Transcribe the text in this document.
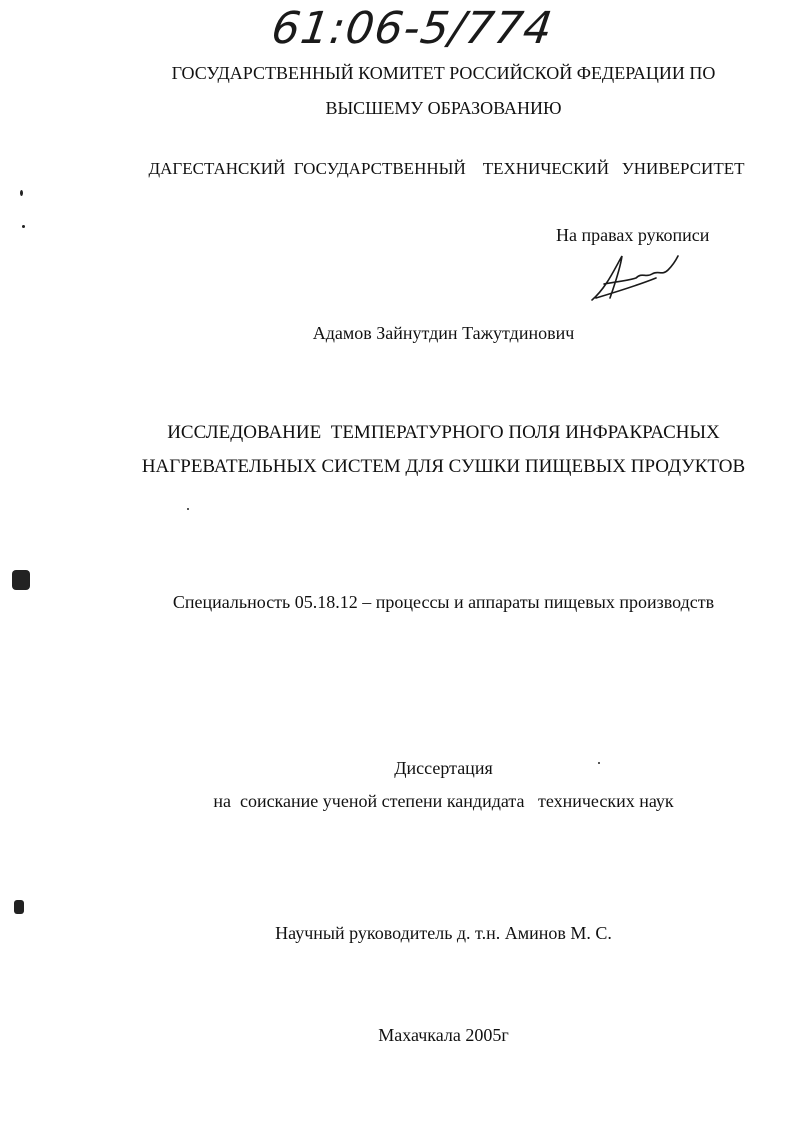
61:06-5/774
ГОСУДАРСТВЕННЫЙ КОМИТЕТ РОССИЙСКОЙ ФЕДЕРАЦИИ ПО
ВЫСШЕМУ ОБРАЗОВАНИЮ
ДАГЕСТАНСКИЙ  ГОСУДАРСТВЕННЫЙ    ТЕХНИЧЕСКИЙ   УНИВЕРСИТЕТ
На правах рукописи
Адамов Зайнутдин Тажутдинович
ИССЛЕДОВАНИЕ  ТЕМПЕРАТУРНОГО ПОЛЯ ИНФРАКРАСНЫХ
НАГРЕВАТЕЛЬНЫХ СИСТЕМ ДЛЯ СУШКИ ПИЩЕВЫХ ПРОДУКТОВ
Специальность 05.18.12 – процессы и аппараты пищевых производств
Диссертация
на  соискание ученой степени кандидата   технических наук
Научный руководитель д. т.н. Аминов М. С.
Махачкала 2005г
